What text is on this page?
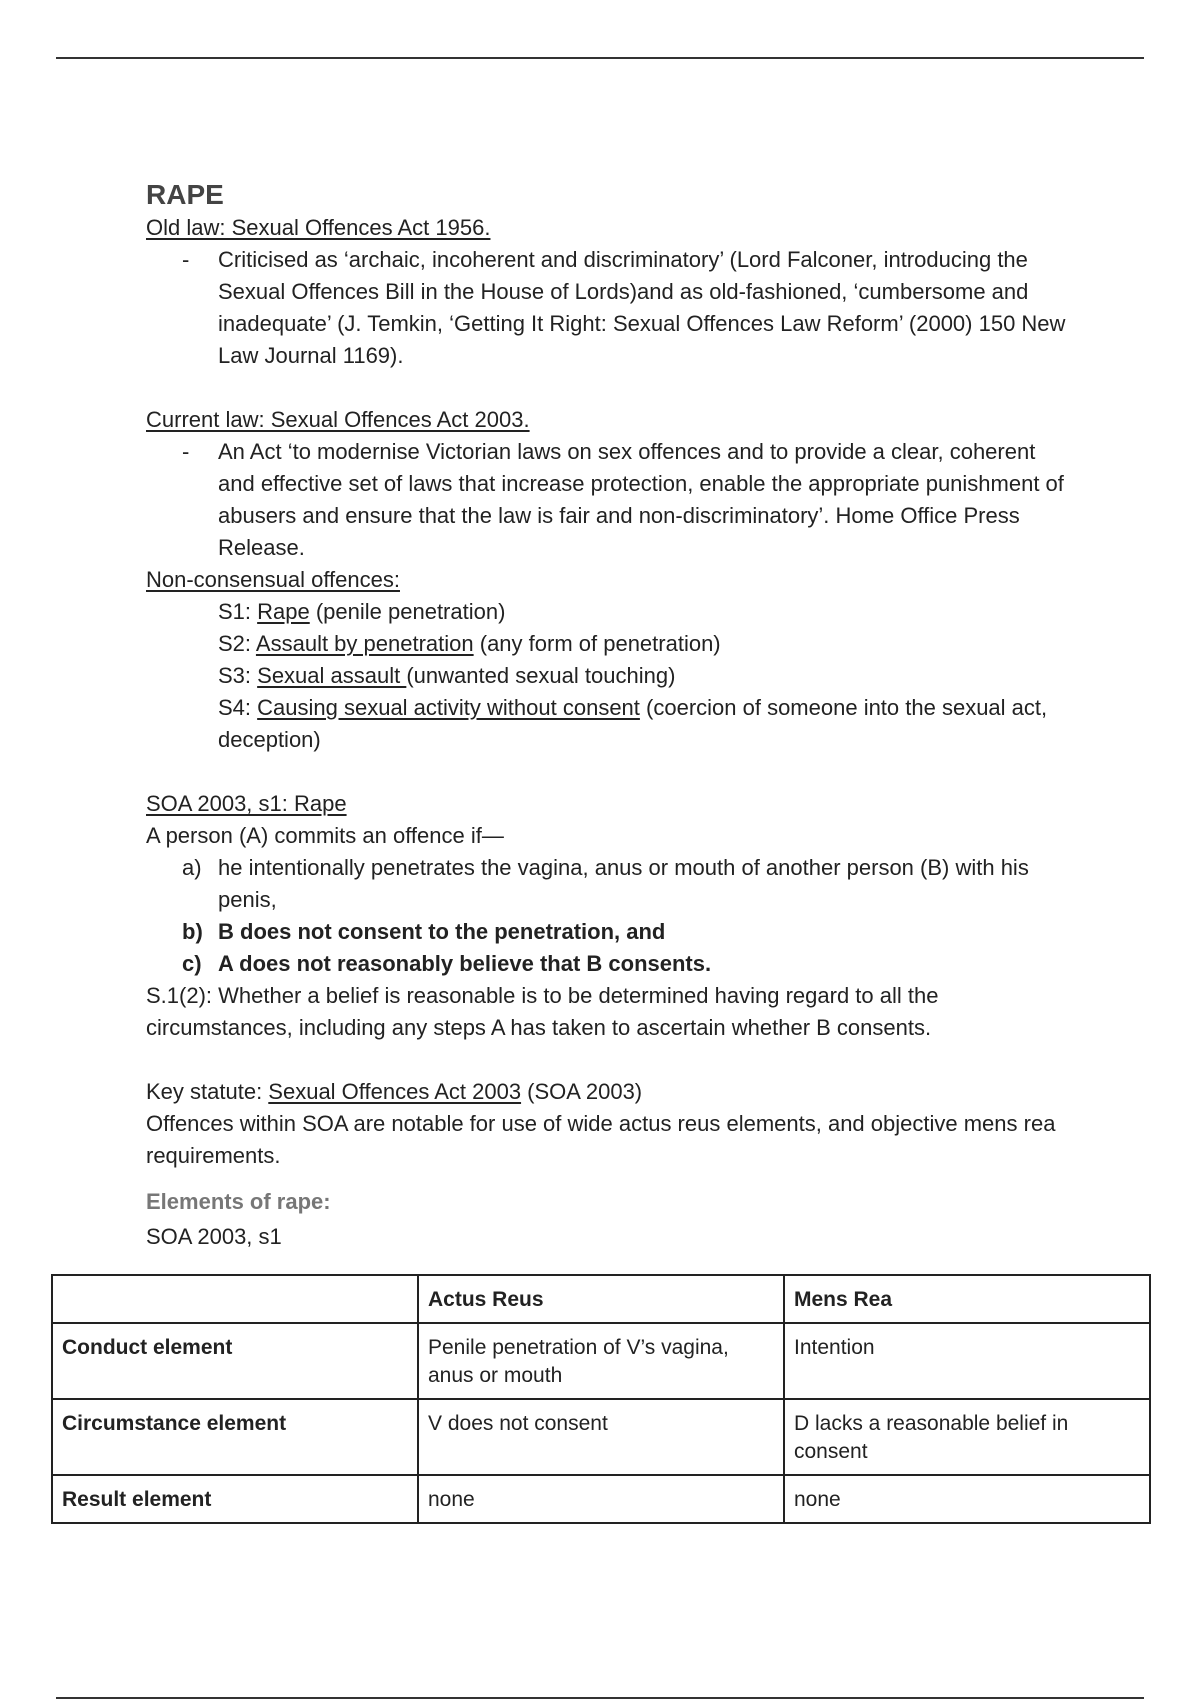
RAPE
Old law: Sexual Offences Act 1956.
-	Criticised as ‘archaic, incoherent and discriminatory’ (Lord Falconer, introducing the Sexual Offences Bill in the House of Lords)and as old-fashioned, ‘cumbersome and inadequate’ (J. Temkin, ‘Getting It Right: Sexual Offences Law Reform’ (2000) 150 New Law Journal 1169).
Current law: Sexual Offences Act 2003.
-	An Act ‘to modernise Victorian laws on sex offences and to provide a clear, coherent and effective set of laws that increase protection, enable the appropriate punishment of abusers and ensure that the law is fair and non-discriminatory’. Home Office Press Release.
Non-consensual offences:
S1: Rape (penile penetration)
S2: Assault by penetration (any form of penetration)
S3: Sexual assault (unwanted sexual touching)
S4: Causing sexual activity without consent (coercion of someone into the sexual act, deception)
SOA 2003, s1: Rape
A person (A) commits an offence if—
a) he intentionally penetrates the vagina, anus or mouth of another person (B) with his penis,
b) B does not consent to the penetration, and
c) A does not reasonably believe that B consents.
S.1(2): Whether a belief is reasonable is to be determined having regard to all the circumstances, including any steps A has taken to ascertain whether B consents.
Key statute: Sexual Offences Act 2003 (SOA 2003)
Offences within SOA are notable for use of wide actus reus elements, and objective mens rea requirements.
Elements of rape:
SOA 2003, s1
	Actus Reus	Mens Rea
Conduct element	Penile penetration of V’s vagina, anus or mouth	Intention
Circumstance element	V does not consent	D lacks a reasonable belief in consent
Result element	none	none
